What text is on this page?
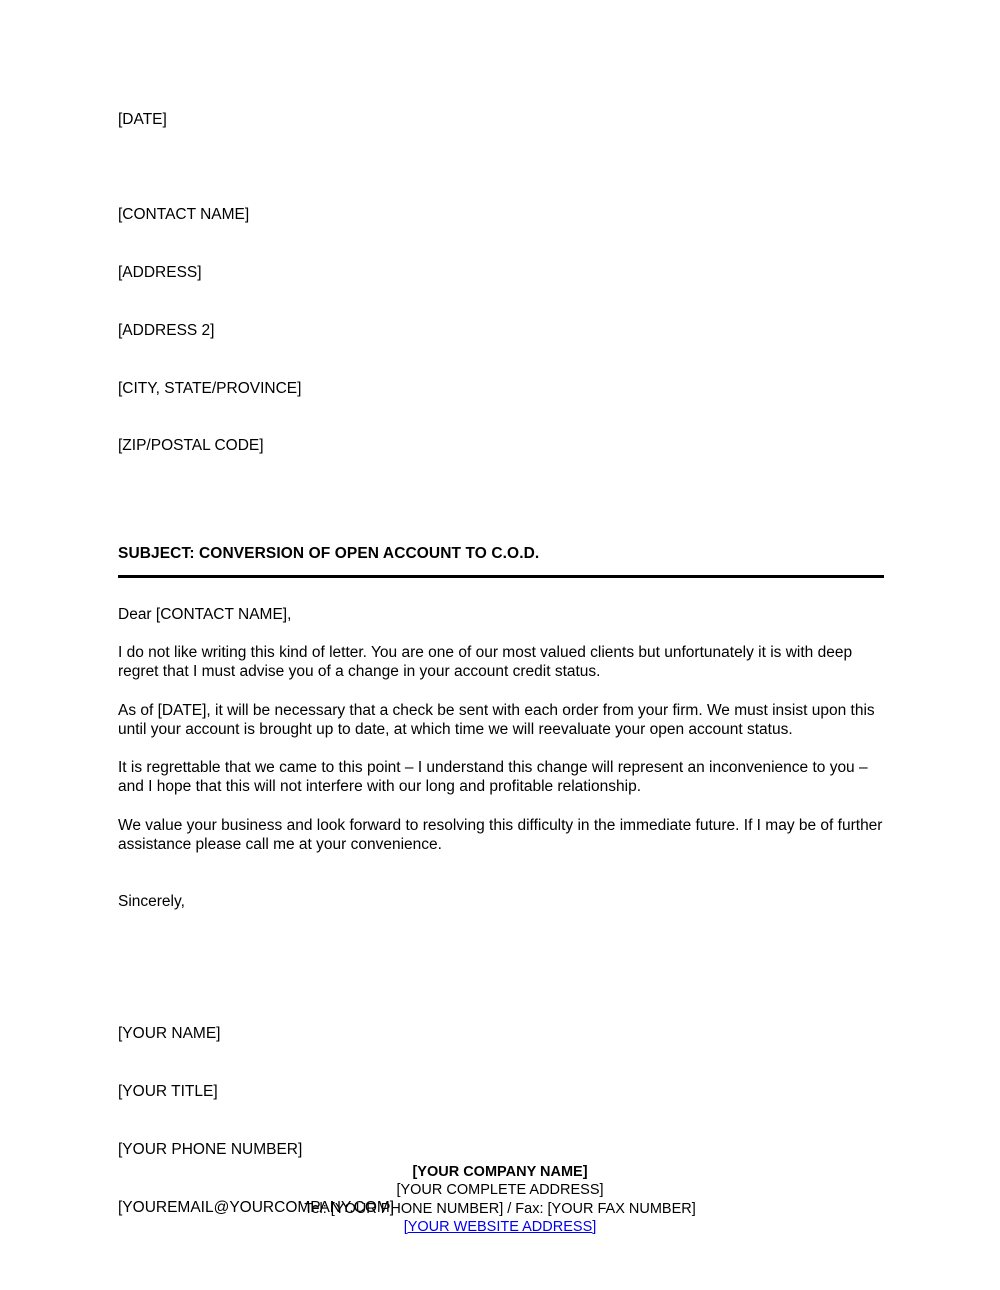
[DATE]

[CONTACT NAME]

[ADDRESS]

[ADDRESS 2]

[CITY, STATE/PROVINCE]

[ZIP/POSTAL CODE]

SUBJECT: CONVERSION OF OPEN ACCOUNT TO C.O.D.
Dear [CONTACT NAME],
I do not like writing this kind of letter. You are one of our most valued clients but unfortunately it is with deep regret that I must advise you of a change in your account credit status.
As of [DATE], it will be necessary that a check be sent with each order from your firm. We must insist upon this until your account is brought up to date, at which time we will reevaluate your open account status.
It is regrettable that we came to this point – I understand this change will represent an inconvenience to you – and I hope that this will not interfere with our long and profitable relationship.
We value your business and look forward to resolving this difficulty in the immediate future. If I may be of further assistance please call me at your convenience.
Sincerely,

[YOUR NAME]

[YOUR TITLE]

[YOUR PHONE NUMBER]

[YOUREMAIL@YOURCOMPANY.COM]

[YOUR COMPANY NAME]
[YOUR COMPLETE ADDRESS]
Tel: [YOUR PHONE NUMBER] / Fax: [YOUR FAX NUMBER]
[YOUR WEBSITE ADDRESS]
